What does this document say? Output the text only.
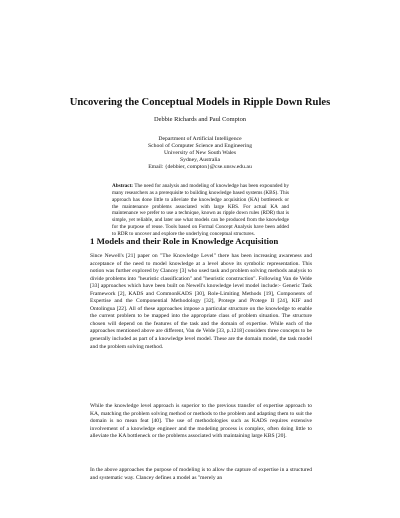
Uncovering the Conceptual Models in Ripple Down Rules
Debbie Richards and Paul Compton
Department of Artificial Intelligence
School of Computer Science and Engineering
University of New South Wales
Sydney, Australia
Email: {debbier, compton}@cse.unsw.edu.au

Abstract: The need for analysis and modeling of knowledge has been expounded by many researchers as a prerequisite to building knowledge based systems (KBS). This approach has done little to alleviate the knowledge acquisition (KA) bottleneck or the maintenance problems associated with large KBS. For actual KA and maintenance we prefer to use a technique, known as ripple down rules (RDR) that is simple, yet reliable, and later use what models can be produced from the knowledge for the purpose of reuse. Tools based on Formal Concept Analysis have been added to RDR to uncover and explore the underlying conceptual structures.

1 Models and their Role in Knowledge Acquisition

Since Newell's [21] paper on "The Knowledge Level" there has been increasing awareness and acceptance of the need to model knowledge at a level above its symbolic representation. This notion was further explored by Clancey [3] who used task and problem solving methods analysis to divide problems into "heuristic classification" and "heuristic construction". Following Van de Velde [33] approaches which have been built on Newell's knowledge level model include:- Generic Task Framework [2], KADS and CommonKADS [30], Role-Limiting Methods [19], Components of Expertise and the Componential Methodology [32], Protege and Protege II [24], KIF and Ontolingua [22]. All of these approaches impose a particular structure on the knowledge to enable the current problem to be mapped into the appropriate class of problem situation. The structure chosen will depend on the features of the task and the domain of expertise. While each of the approaches mentioned above are different, Van de Velde [33, p.1218] considers three concepts to be generally included as part of a knowledge level model. These are the domain model, the task model and the problem solving method.

While the knowledge level approach is superior to the previous transfer of expertise approach to KA, matching the problem solving method or methods to the problem and adapting them to suit the domain is no mean feat [40]. The use of methodologies such as KADS requires extensive involvement of a knowledge engineer and the modeling process is complex, often doing little to alleviate the KA bottleneck or the problems associated with maintaining large KBS [20].

In the above approaches the purpose of modeling is to allow the capture of expertise in a structured and systematic way. Clancey defines a model as "merely an
